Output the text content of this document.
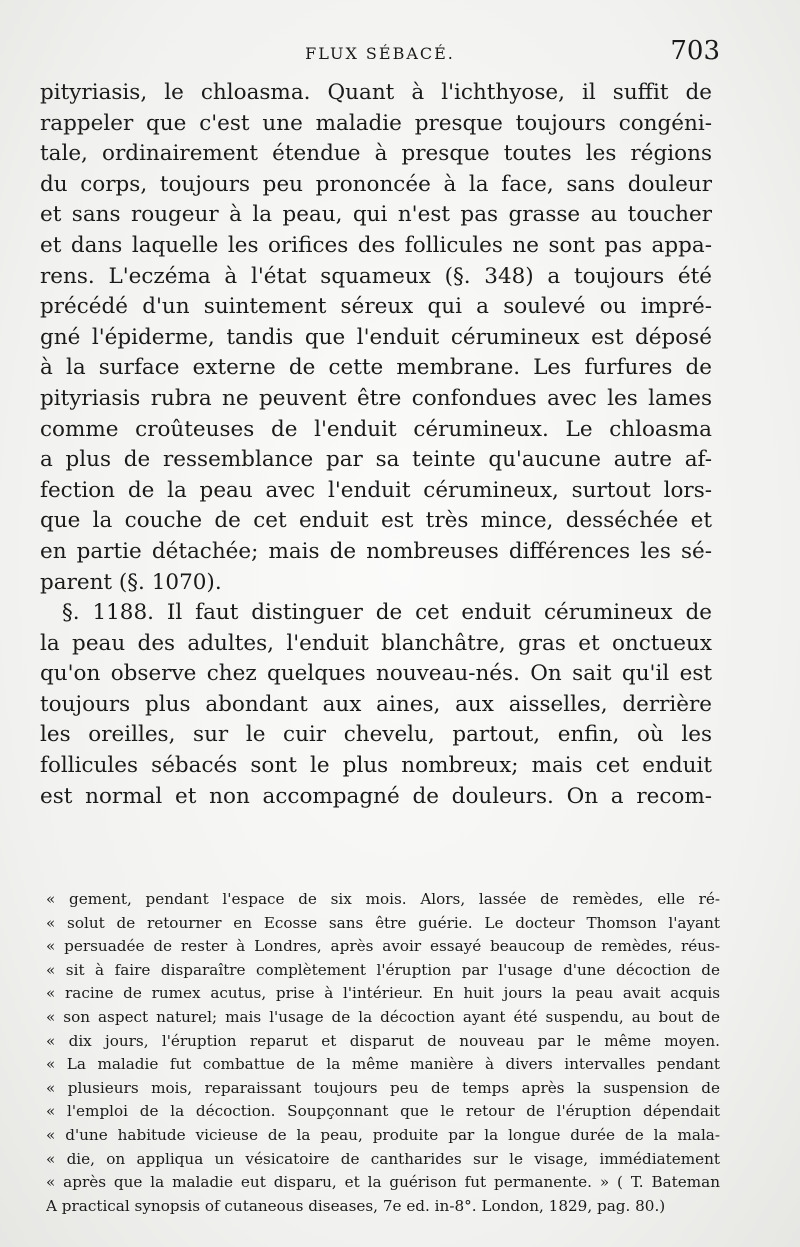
FLUX SÉBACÉ.	703
pityriasis, le chloasma. Quant à l'ichthyose, il suffit de
rappeler que c'est une maladie presque toujours congéni-
tale, ordinairement étendue à presque toutes les régions
du corps, toujours peu prononcée à la face, sans douleur
et sans rougeur à la peau, qui n'est pas grasse au toucher
et dans laquelle les orifices des follicules ne sont pas appa-
rens. L'eczéma à l'état squameux (§. 348) a toujours été
précédé d'un suintement séreux qui a soulevé ou impré-
gné l'épiderme, tandis que l'enduit cérumineux est déposé
à la surface externe de cette membrane. Les furfures de
pityriasis rubra ne peuvent être confondues avec les lames
comme croûteuses de l'enduit cérumineux. Le chloasma
a plus de ressemblance par sa teinte qu'aucune autre af-
fection de la peau avec l'enduit cérumineux, surtout lors-
que la couche de cet enduit est très mince, desséchée et
en partie détachée; mais de nombreuses différences les sé-
parent (§. 1070).
§. 1188. Il faut distinguer de cet enduit cérumineux de
la peau des adultes, l'enduit blanchâtre, gras et onctueux
qu'on observe chez quelques nouveau-nés. On sait qu'il est
toujours plus abondant aux aines, aux aisselles, derrière
les oreilles, sur le cuir chevelu, partout, enfin, où les
follicules sébacés sont le plus nombreux; mais cet enduit
est normal et non accompagné de douleurs. On a recom-
« gement, pendant l'espace de six mois. Alors, lassée de remèdes, elle ré-
« solut de retourner en Ecosse sans être guérie. Le docteur Thomson l'ayant
« persuadée de rester à Londres, après avoir essayé beaucoup de remèdes, réus-
« sit à faire disparaître complètement l'éruption par l'usage d'une décoction de
« racine de rumex acutus, prise à l'intérieur. En huit jours la peau avait acquis
« son aspect naturel; mais l'usage de la décoction ayant été suspendu, au bout de
« dix jours, l'éruption reparut et disparut de nouveau par le même moyen.
« La maladie fut combattue de la même manière à divers intervalles pendant
« plusieurs mois, reparaissant toujours peu de temps après la suspension de
« l'emploi de la décoction. Soupçonnant que le retour de l'éruption dépendait
« d'une habitude vicieuse de la peau, produite par la longue durée de la mala-
« die, on appliqua un vésicatoire de cantharides sur le visage, immédiatement
« après que la maladie eut disparu, et la guérison fut permanente. » ( T. Bateman
A practical synopsis of cutaneous diseases, 7e ed. in-8°. London, 1829, pag. 80.)
